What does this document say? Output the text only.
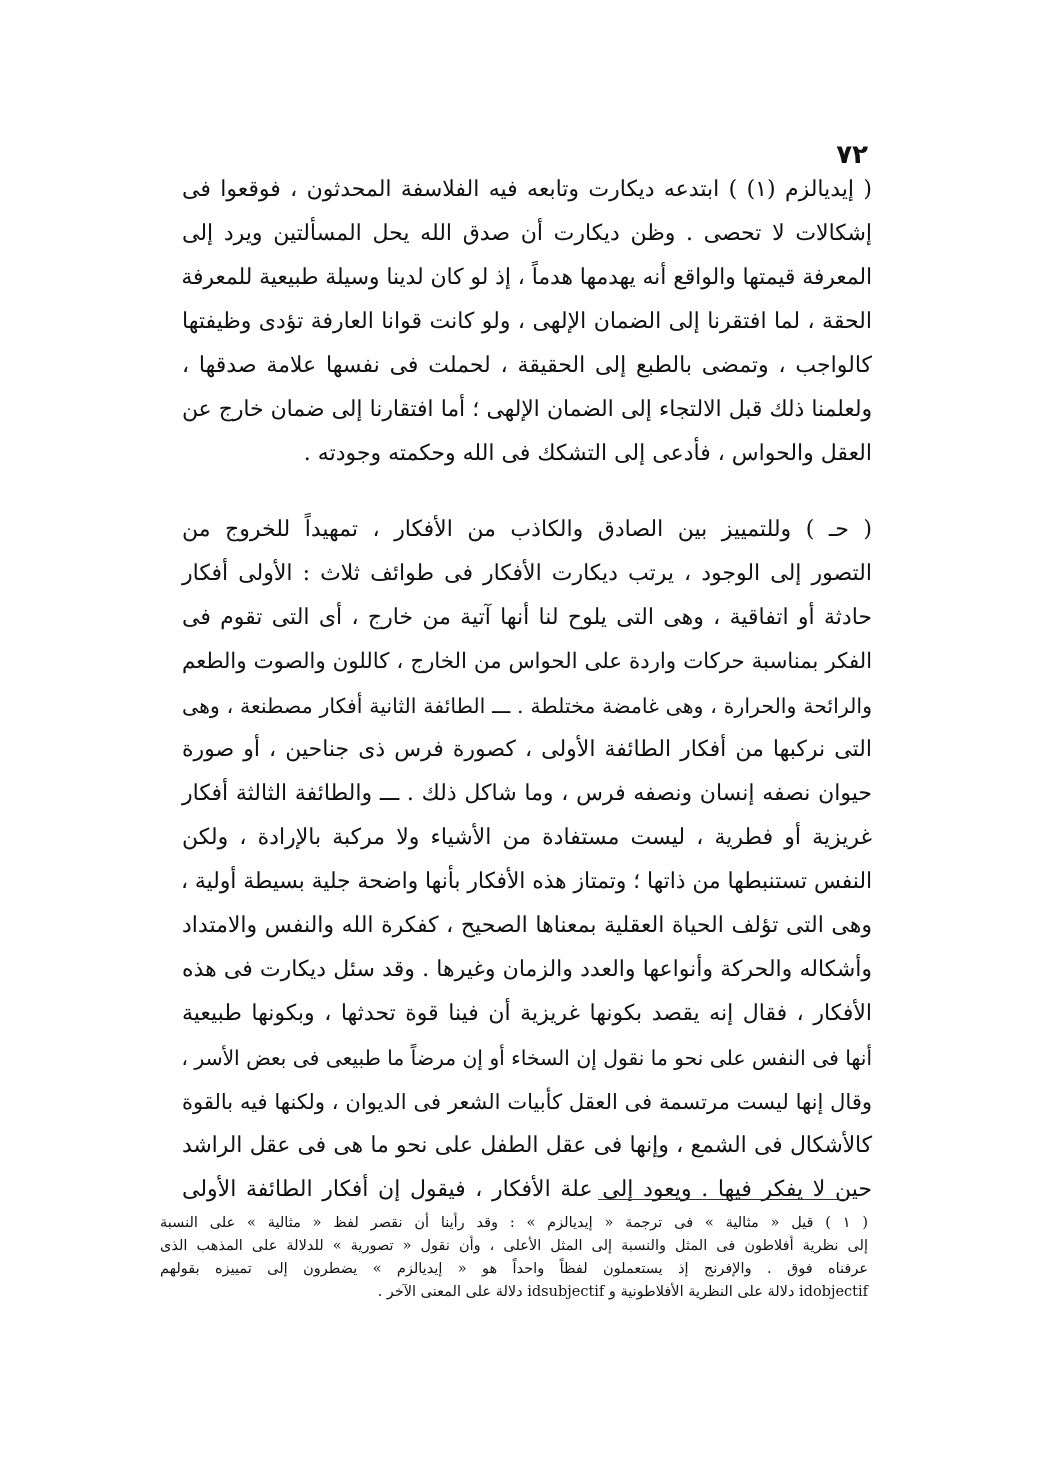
٧٢
( إيديالزم (١) ) ابتدعه ديكارت وتابعه فيه الفلاسفة المحدثون ، فوقعوا فى
إشكالات لا تحصى . وظن ديكارت أن صدق الله يحل المسألتين ويرد إلى
المعرفة قيمتها والواقع أنه يهدمها هدماً ، إذ لو كان لدينا وسيلة طبيعية للمعرفة
الحقة ، لما افتقرنا إلى الضمان الإلهى ، ولو كانت قوانا العارفة تؤدى وظيفتها
كالواجب ، وتمضى بالطبع إلى الحقيقة ، لحملت فى نفسها علامة صدقها ،
ولعلمنا ذلك قبل الالتجاء إلى الضمان الإلهى ؛ أما افتقارنا إلى ضمان خارج عن
العقل والحواس ، فأدعى إلى التشكك فى الله وحكمته وجودته .
( حـ ) وللتمييز بين الصادق والكاذب من الأفكار ، تمهيداً للخروج من
التصور إلى الوجود ، يرتب ديكارت الأفكار فى طوائف ثلاث : الأولى أفكار
حادثة أو اتفاقية ، وهى التى يلوح لنا أنها آتية من خارج ، أى التى تقوم فى
الفكر بمناسبة حركات واردة على الحواس من الخارج ، كاللون والصوت والطعم
والرائحة والحرارة ، وهى غامضة مختلطة . ـــ الطائفة الثانية أفكار مصطنعة ، وهى
التى نركبها من أفكار الطائفة الأولى ، كصورة فرس ذى جناحين ، أو صورة
حيوان نصفه إنسان ونصفه فرس ، وما شاكل ذلك . ـــ والطائفة الثالثة أفكار
غريزية أو فطرية ، ليست مستفادة من الأشياء ولا مركبة بالإرادة ، ولكن
النفس تستنبطها من ذاتها ؛ وتمتاز هذه الأفكار بأنها واضحة جلية بسيطة أولية ،
وهى التى تؤلف الحياة العقلية بمعناها الصحيح ، كفكرة الله والنفس والامتداد
وأشكاله والحركة وأنواعها والعدد والزمان وغيرها . وقد سئل ديكارت فى هذه
الأفكار ، فقال إنه يقصد بكونها غريزية أن فينا قوة تحدثها ، وبكونها طبيعية
أنها فى النفس على نحو ما نقول إن السخاء أو إن مرضاً ما طبيعى فى بعض الأسر ،
وقال إنها ليست مرتسمة فى العقل كأبيات الشعر فى الديوان ، ولكنها فيه بالقوة
كالأشكال فى الشمع ، وإنها فى عقل الطفل على نحو ما هى فى عقل الراشد
حين لا يفكر فيها . ويعود إلى علة الأفكار ، فيقول إن أفكار الطائفة الأولى
( ١ ) قيل « مثالية » فى ترجمة « إيديالزم » : وقد رأينا أن نقصر لفظ « مثالية » على النسبة
إلى نظرية أفلاطون فى المثل والنسبة إلى المثل الأعلى ، وأن نقول « تصورية » للدلالة على المذهب الذى
عرفناه فوق . والإفرنج إذ يستعملون لفظاً واحداً هو « إيديالزم » يضطرون إلى تمييزه بقولهم
idobjectif دلالة على النظرية الأفلاطونية و idsubjectif دلالة على المعنى الآخر .
